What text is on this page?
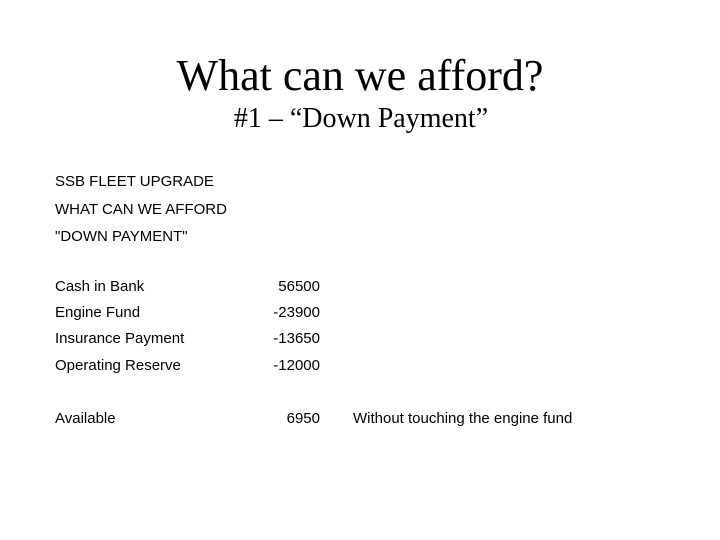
What can we afford?
#1 – “Down Payment”
SSB FLEET UPGRADE
WHAT CAN WE AFFORD
"DOWN PAYMENT"
Cash in Bank	56500
Engine Fund	-23900
Insurance Payment	-13650
Operating Reserve	-12000
Available	6950 Without touching the engine fund
